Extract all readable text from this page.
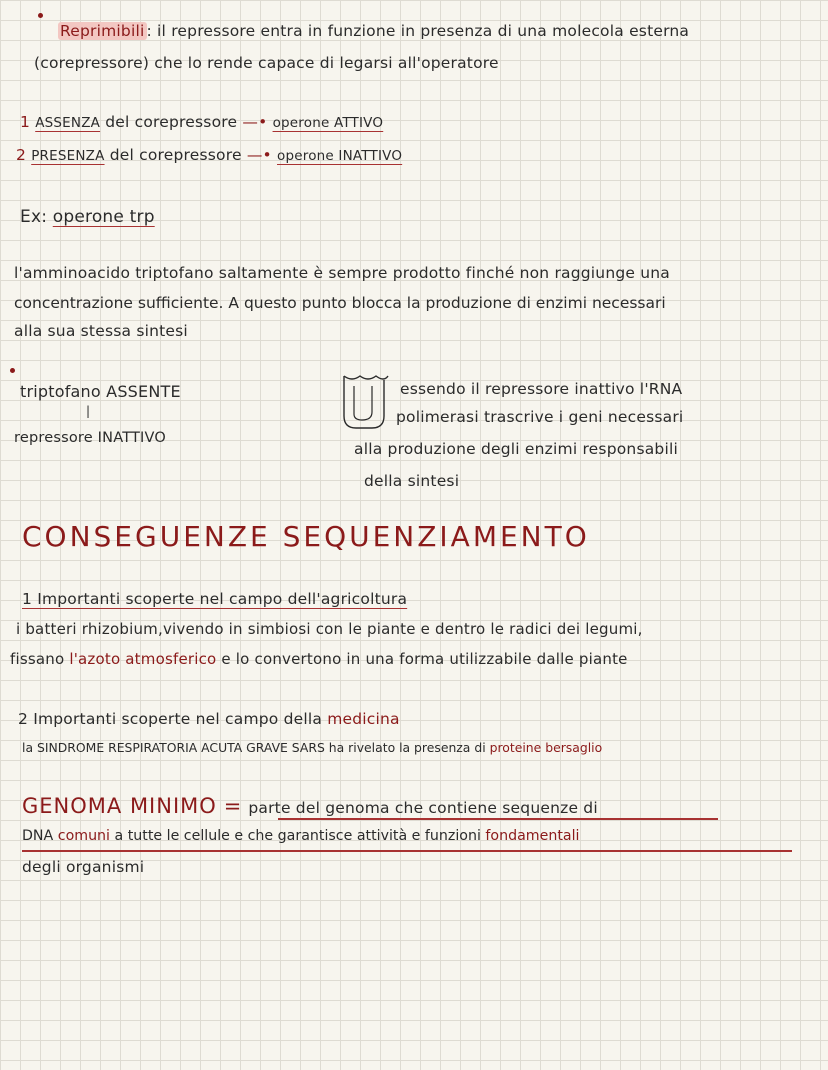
Reprimibili : il repressore entra in funzione in presenza di una molecola esterna
(corepressore) che lo rende capace di legarsi all'operatore
1 ASSENZA del corepressore —• operone ATTIVO
2 PRESENZA del corepressore —• operone INATTIVO
Ex: operone trp
l'amminoacido triptofano saltamente è sempre prodotto finché non raggiunge una
concentrazione sufficiente. A questo punto blocca la produzione di enzimi necessari
alla sua stessa sintesi
triptofano ASSENTE
|
repressore INATTIVO
essendo il repressore inattivo l'RNA
polimerasi trascrive i geni necessari
alla produzione degli enzimi responsabili
della sintesi
CONSEGUENZE SEQUENZIAMENTO
1 Importanti scoperte nel campo dell'agricoltura
i batteri rhizobium,vivendo in simbiosi con le piante e dentro le radici dei legumi,
fissano l'azoto atmosferico e lo convertono in una forma utilizzabile dalle piante
2 Importanti scoperte nel campo della medicina
la SINDROME RESPIRATORIA ACUTA GRAVE SARS ha rivelato la presenza di proteine bersaglio
GENOMA MINIMO = parte del genoma che contiene sequenze di
DNA comuni a tutte le cellule e che garantisce attività e funzioni fondamentali
degli organismi
